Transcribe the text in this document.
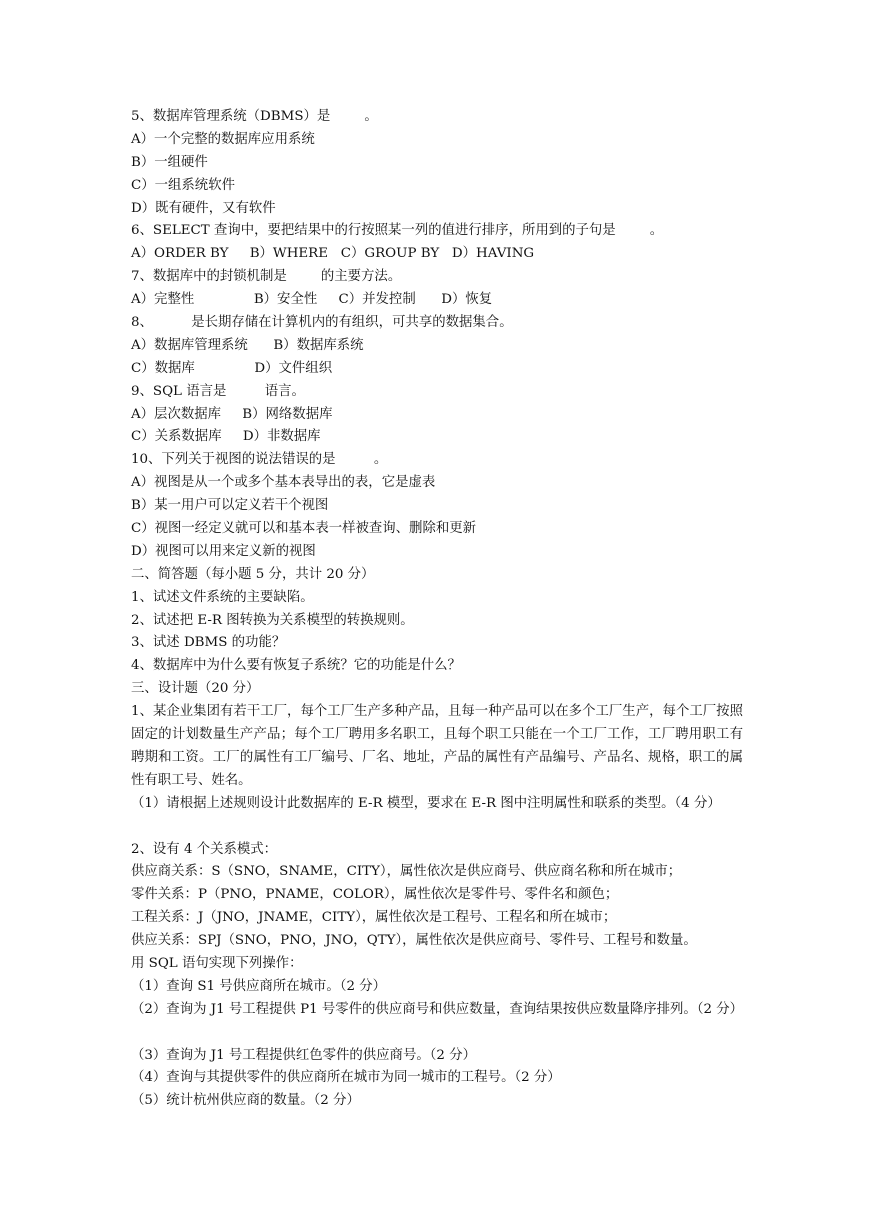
5、数据库管理系统（DBMS）是        。
A）一个完整的数据库应用系统
B）一组硬件
C）一组系统软件
D）既有硬件，又有软件
6、SELECT 查询中，要把结果中的行按照某一列的值进行排序，所用到的子句是        。
A）ORDER BY     B）WHERE   C）GROUP BY   D）HAVING
7、数据库中的封锁机制是        的主要方法。
A）完整性              B）安全性     C）并发控制      D）恢复
8、         是长期存储在计算机内的有组织，可共享的数据集合。
A）数据库管理系统      B）数据库系统
C）数据库              D）文件组织
9、SQL 语言是         语言。
A）层次数据库     B）网络数据库
C）关系数据库     D）非数据库
10、下列关于视图的说法错误的是         。
A）视图是从一个或多个基本表导出的表，它是虚表
B）某一用户可以定义若干个视图
C）视图一经定义就可以和基本表一样被查询、删除和更新
D）视图可以用来定义新的视图
二、简答题（每小题 5 分，共计 20 分）
1、试述文件系统的主要缺陷。
2、试述把 E-R 图转换为关系模型的转换规则。
3、试述 DBMS 的功能？
4、数据库中为什么要有恢复子系统？它的功能是什么？
三、设计题（20 分）
1、某企业集团有若干工厂，每个工厂生产多种产品，且每一种产品可以在多个工厂生产，每个工厂按照固定的计划数量生产产品；每个工厂聘用多名职工，且每个职工只能在一个工厂工作，工厂聘用职工有聘期和工资。工厂的属性有工厂编号、厂名、地址，产品的属性有产品编号、产品名、规格，职工的属性有职工号、姓名。
（1）请根据上述规则设计此数据库的 E-R 模型，要求在 E-R 图中注明属性和联系的类型。（4 分）
2、设有 4 个关系模式：
供应商关系：S（SNO，SNAME，CITY），属性依次是供应商号、供应商名称和所在城市；
零件关系：P（PNO，PNAME，COLOR），属性依次是零件号、零件名和颜色；
工程关系：J（JNO，JNAME，CITY），属性依次是工程号、工程名和所在城市；
供应关系：SPJ（SNO，PNO，JNO，QTY），属性依次是供应商号、零件号、工程号和数量。
用 SQL 语句实现下列操作：
（1）查询 S1 号供应商所在城市。（2 分）
（2）查询为 J1 号工程提供 P1 号零件的供应商号和供应数量，查询结果按供应数量降序排列。（2 分）
（3）查询为 J1 号工程提供红色零件的供应商号。（2 分）
（4）查询与其提供零件的供应商所在城市为同一城市的工程号。（2 分）
（5）统计杭州供应商的数量。（2 分）
